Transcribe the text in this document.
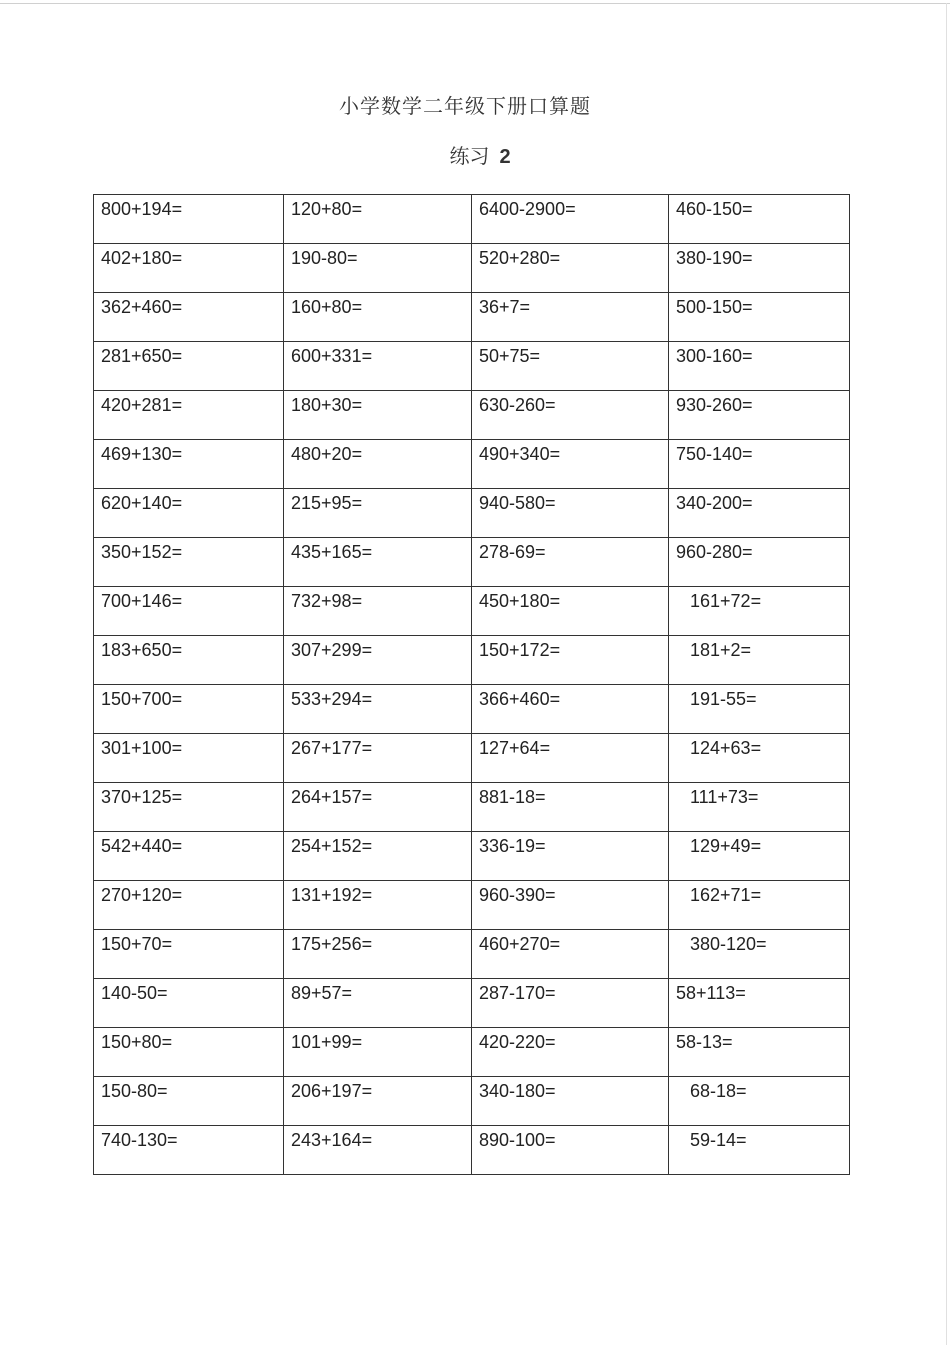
小学数学二年级下册口算题
练习 2
800+194=	120+80=	6400-2900=	460-150=
402+180=	190-80=	520+280=	380-190=
362+460=	160+80=	36+7=	500-150=
281+650=	600+331=	50+75=	300-160=
420+281=	180+30=	630-260=	930-260=
469+130=	480+20=	490+340=	750-140=
620+140=	215+95=	940-580=	340-200=
350+152=	435+165=	278-69=	960-280=
700+146=	732+98=	450+180=	161+72=
183+650=	307+299=	150+172=	181+2=
150+700=	533+294=	366+460=	191-55=
301+100=	267+177=	127+64=	124+63=
370+125=	264+157=	881-18=	111+73=
542+440=	254+152=	336-19=	129+49=
270+120=	131+192=	960-390=	162+71=
150+70=	175+256=	460+270=	380-120=
140-50=	89+57=	287-170=	58+113=
150+80=	101+99=	420-220=	58-13=
150-80=	206+197=	340-180=	68-18=
740-130=	243+164=	890-100=	59-14=
